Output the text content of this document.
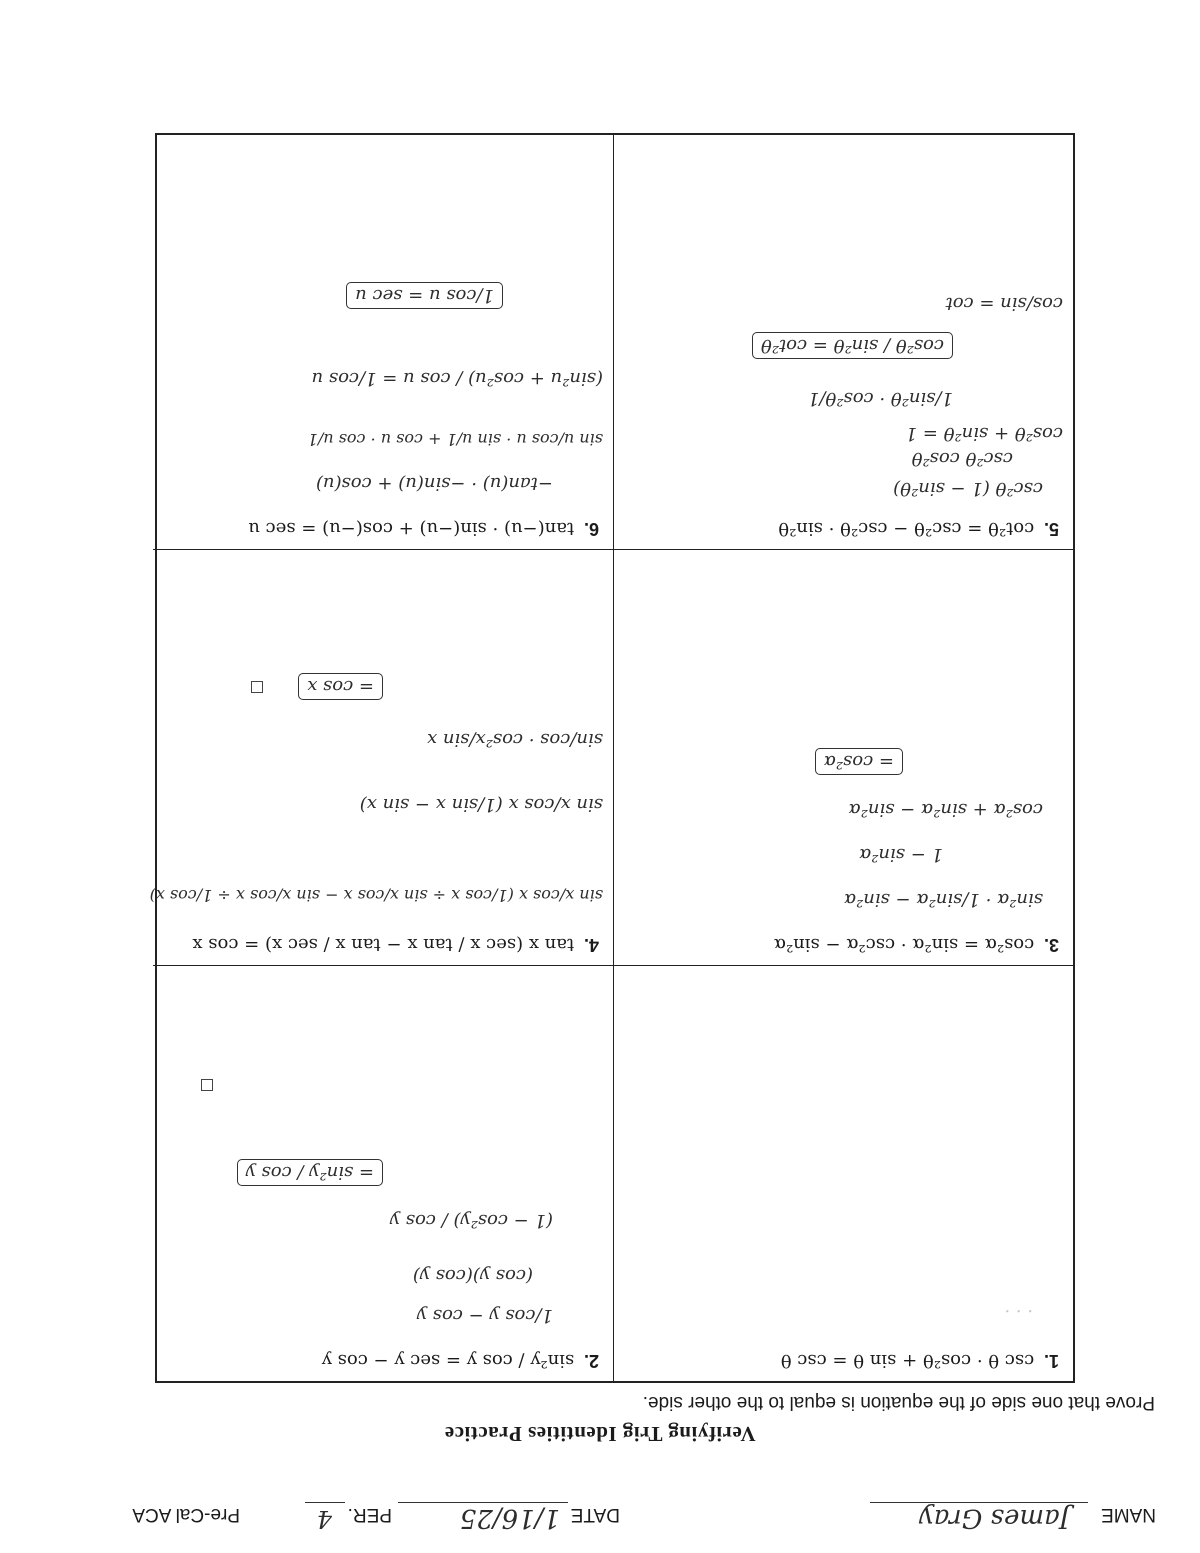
NAME
James Gray
DATE
1/16/25
PER.
4
Pre-Cal ACA
Verifying Trig Identities Practice
Prove that one side of the equation is equal to the other side.
1. csc θ · cos²θ + sin θ = csc θ
· · ·
2. sin²y / cos y = sec y − cos y
1/cos y − cos y
(cos y)(cos y)
(1 − cos²y) / cos y
= sin²y / cos y
3. cos²α = sin²α · csc²α − sin²α
sin²α · 1/sin²α − sin²α
1 − sin²α
cos²α + sin²α − sin²α
= cos²α
4. tan x (sec x / tan x − tan x / sec x) = cos x
sin x/cos x (1/cos x ÷ sin x/cos x − sin x/cos x ÷ 1/cos x)
sin x/cos x (1/sin x − sin x)
sin/cos · cos²x/sin x
= cos x
5. cot²θ = csc²θ − csc²θ · sin²θ
csc²θ (1 − sin²θ)
csc²θ cos²θ
cos²θ + sin²θ = 1
1/sin²θ · cos²θ/1
cos²θ / sin²θ = cot²θ
cos/sin = cot
6. tan(−u) · sin(−u) + cos(−u) = sec u
−tan(u) · −sin(u) + cos(u)
sin u/cos u · sin u/1 + cos u · cos u/1
(sin²u + cos²u) / cos u = 1/cos u
1/cos u = sec u
